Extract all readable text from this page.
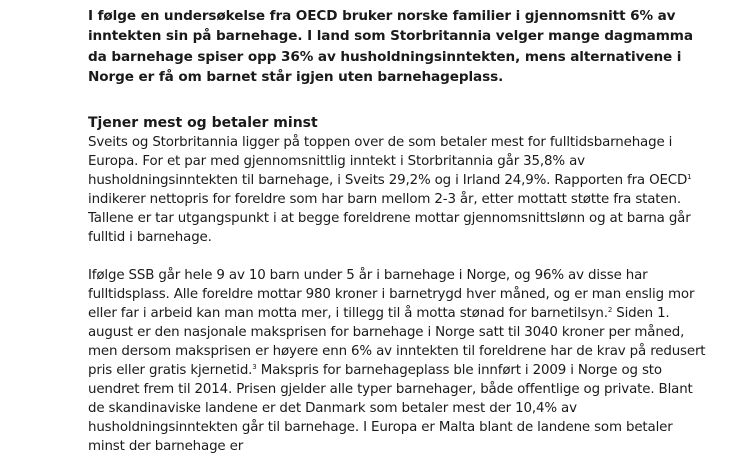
I følge en undersøkelse fra OECD bruker norske familier i gjennomsnitt 6% av inntekten sin på barnehage. I land som Storbritannia velger mange dagmamma da barnehage spiser opp 36% av husholdningsinntekten, mens alternativene i Norge er få om barnet står igjen uten barnehageplass.

Tjener mest og betaler minst

Sveits og Storbritannia ligger på toppen over de som betaler mest for fulltidsbarnehage i Europa. For et par med gjennomsnittlig inntekt i Storbritannia går 35,8% av husholdningsinntekten til barnehage, i Sveits 29,2% og i Irland 24,9%. Rapporten fra OECD$^1$ indikerer nettopris for foreldre som har barn mellom 2-3 år, etter mottatt støtte fra staten. Tallene er tar utgangspunkt i at begge foreldrene mottar gjennomsnittslønn og at barna går fulltid i barnehage.

Ifølge SSB går hele 9 av 10 barn under 5 år i barnehage i Norge, og 96% av disse har fulltidsplass. Alle foreldre mottar 980 kroner i barnetrygd hver måned, og er man enslig mor eller far i arbeid kan man motta mer, i tillegg til å motta stønad for barnetilsyn.$^2$ Siden 1. august er den nasjonale maksprisen for barnehage i Norge satt til 3040 kroner per måned, men dersom maksprisen er høyere enn 6% av inntekten til foreldrene har de krav på redusert pris eller gratis kjernetid.$^3$ Makspris for barnehageplass ble innført i 2009 i Norge og sto uendret frem til 2014. Prisen gjelder alle typer barnehager, både offentlige og private. Blant de skandinaviske landene er det Danmark som betaler mest der 10,4% av husholdningsinntekten går til barnehage. I Europa er Malta blant de landene som betaler minst der barnehage er
